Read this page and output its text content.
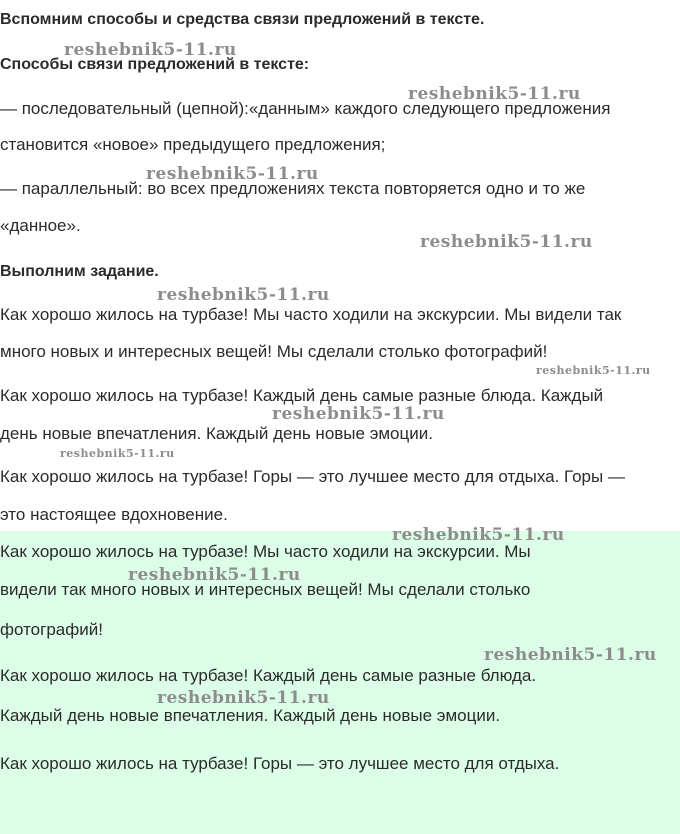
Вспомним способы и средства связи предложений в тексте.
Способы связи предложений в тексте:
— последовательный (цепной):«данным» каждого следующего предложения
становится «новое» предыдущего предложения;
— параллельный: во всех предложениях текста повторяется одно и то же
«данное».
Выполним задание.
Как хорошо жилось на турбазе! Мы часто ходили на экскурсии. Мы видели так
много новых и интересных вещей! Мы сделали столько фотографий!
Как хорошо жилось на турбазе! Каждый день самые разные блюда. Каждый
день новые впечатления. Каждый день новые эмоции.
Как хорошо жилось на турбазе! Горы — это лучшее место для отдыха. Горы —
это настоящее вдохновение.
Как хорошо жилось на турбазе! Мы часто ходили на экскурсии. Мы
видели так много новых и интересных вещей! Мы сделали столько
фотографий!
Как хорошо жилось на турбазе! Каждый день самые разные блюда.
Каждый день новые впечатления. Каждый день новые эмоции.
Как хорошо жилось на турбазе! Горы — это лучшее место для отдыха.
reshebnik5-11.ru
reshebnik5-11.ru
reshebnik5-11.ru
reshebnik5-11.ru
reshebnik5-11.ru
reshebnik5-11.ru
reshebnik5-11.ru
reshebnik5-11.ru
reshebnik5-11.ru
reshebnik5-11.ru
reshebnik5-11.ru
reshebnik5-11.ru
